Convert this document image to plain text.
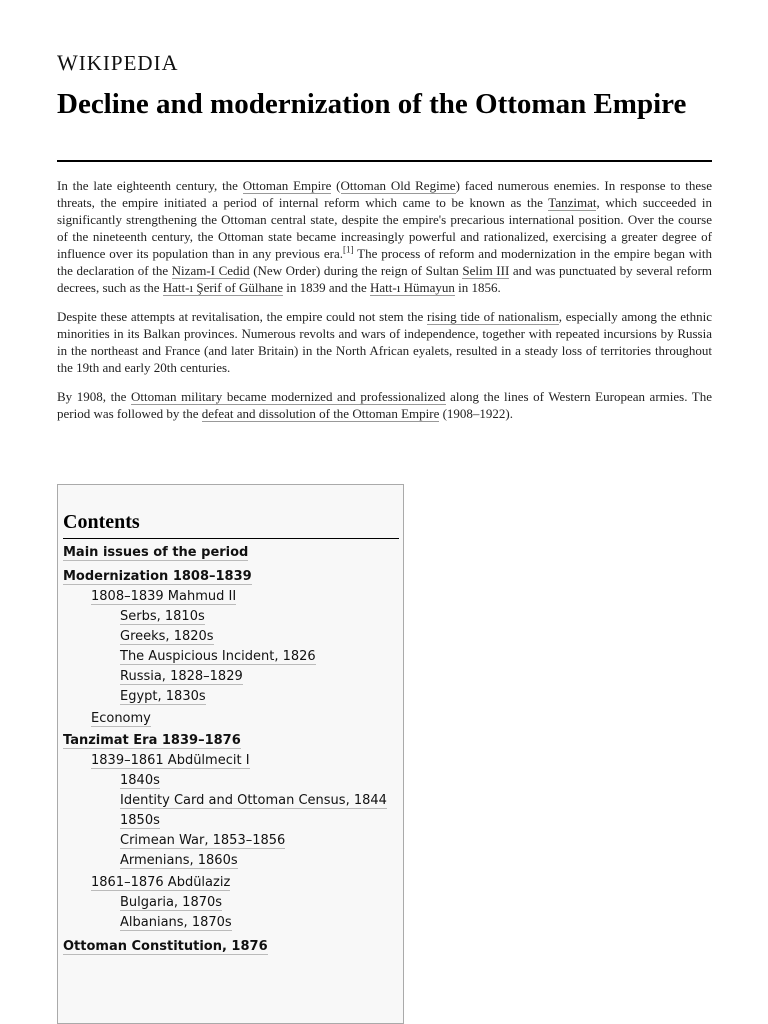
WIKIPEDIA
Decline and modernization of the Ottoman Empire

In the late eighteenth century, the Ottoman Empire (Ottoman Old Regime) faced numerous enemies. In response to these threats, the empire initiated a period of internal reform which came to be known as the Tanzimat, which succeeded in significantly strengthening the Ottoman central state, despite the empire's precarious international position. Over the course of the nineteenth century, the Ottoman state became increasingly powerful and rationalized, exercising a greater degree of influence over its population than in any previous era.[1] The process of reform and modernization in the empire began with the declaration of the Nizam-I Cedid (New Order) during the reign of Sultan Selim III and was punctuated by several reform decrees, such as the Hatt-ı Şerif of Gülhane in 1839 and the Hatt-ı Hümayun in 1856.

Despite these attempts at revitalisation, the empire could not stem the rising tide of nationalism, especially among the ethnic minorities in its Balkan provinces. Numerous revolts and wars of independence, together with repeated incursions by Russia in the northeast and France (and later Britain) in the North African eyalets, resulted in a steady loss of territories throughout the 19th and early 20th centuries.

By 1908, the Ottoman military became modernized and professionalized along the lines of Western European armies. The period was followed by the defeat and dissolution of the Ottoman Empire (1908–1922).

Contents
Main issues of the period
Modernization 1808–1839
1808–1839 Mahmud II
Serbs, 1810s
Greeks, 1820s
The Auspicious Incident, 1826
Russia, 1828–1829
Egypt, 1830s
Economy
Tanzimat Era 1839–1876
1839–1861 Abdülmecit I
1840s
Identity Card and Ottoman Census, 1844
1850s
Crimean War, 1853–1856
Armenians, 1860s
1861–1876 Abdülaziz
Bulgaria, 1870s
Albanians, 1870s
Ottoman Constitution, 1876
